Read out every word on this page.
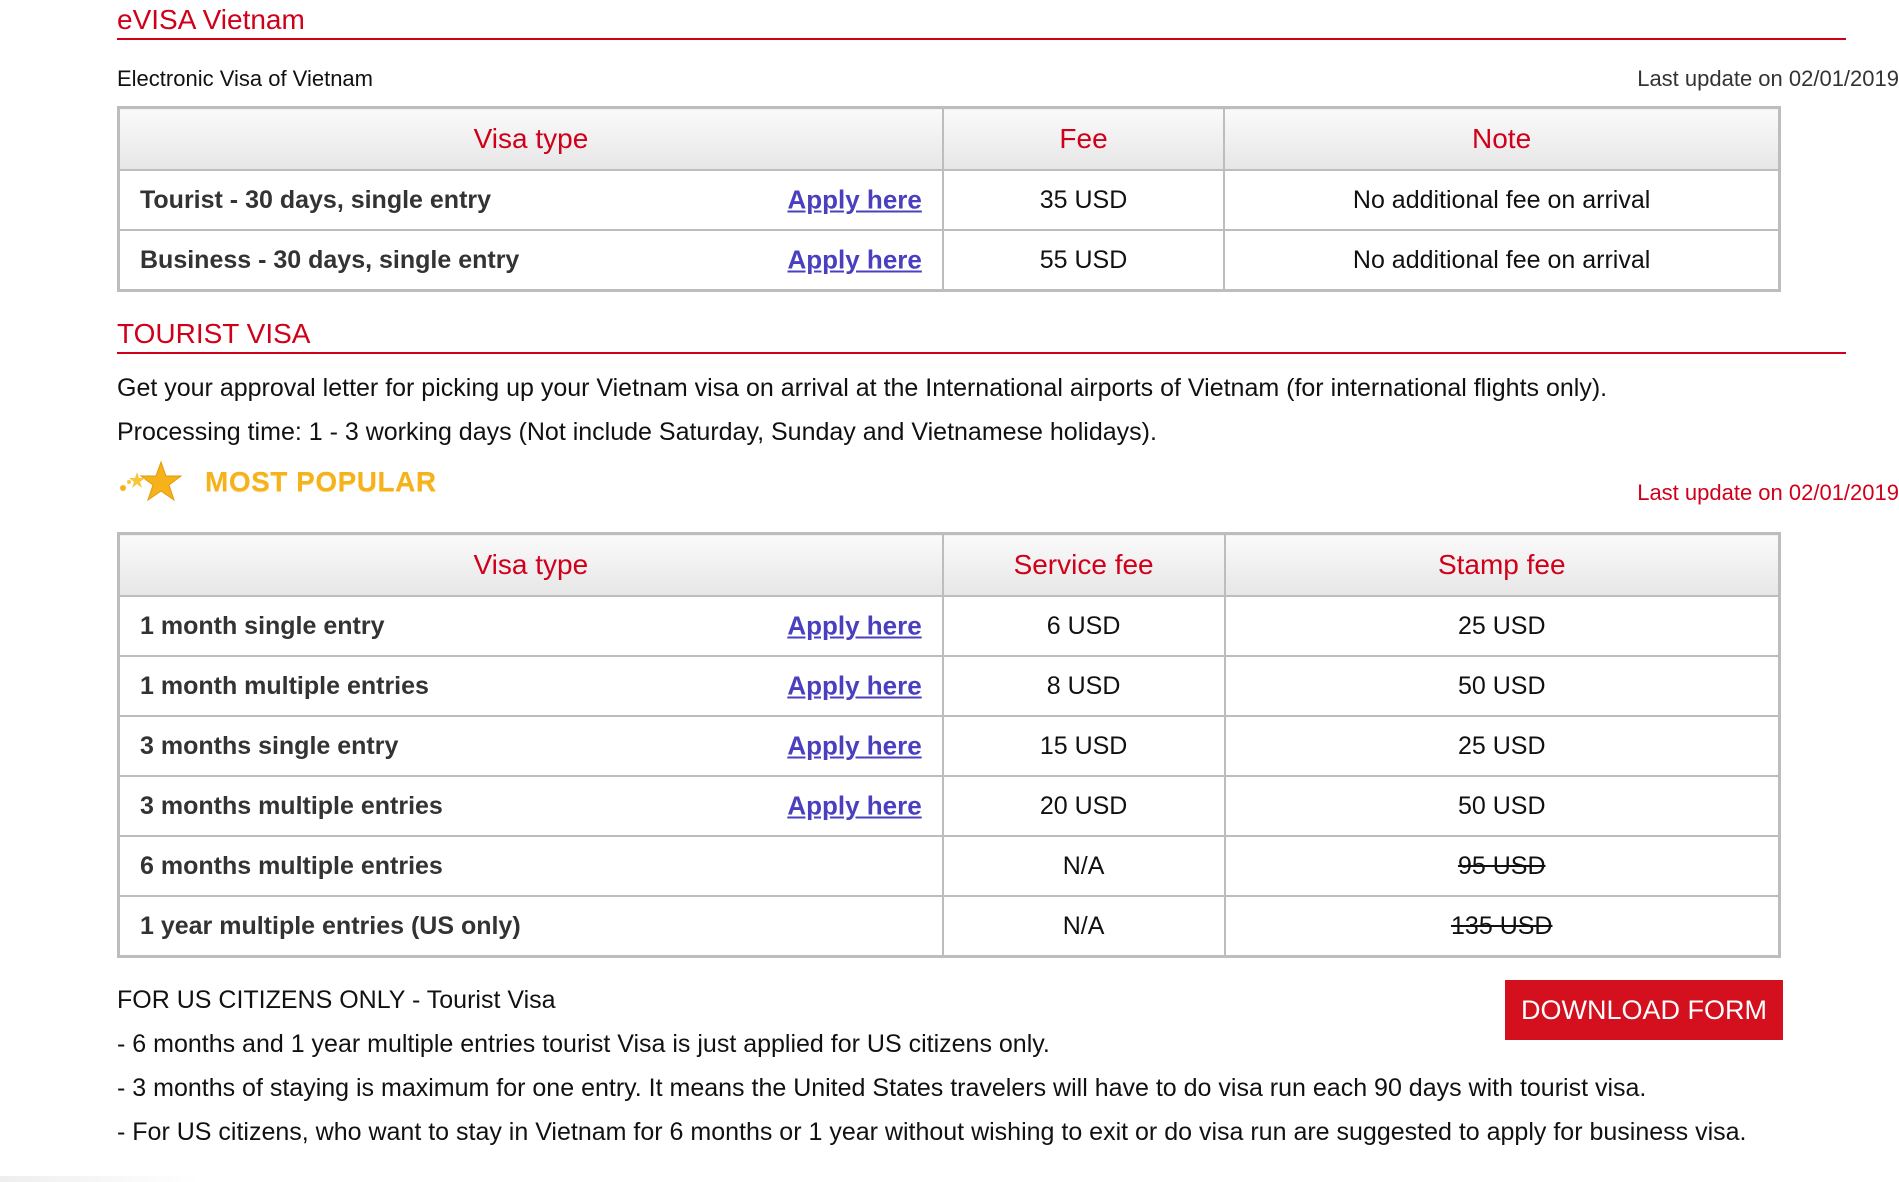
eVISA Vietnam
Electronic Visa of Vietnam	Last update on 02/01/2019
Visa type	Fee	Note
Tourist - 30 days, single entry Apply here	35 USD	No additional fee on arrival
Business - 30 days, single entry Apply here	55 USD	No additional fee on arrival
TOURIST VISA
Get your approval letter for picking up your Vietnam visa on arrival at the International airports of Vietnam (for international flights only).
Processing time: 1 - 3 working days (Not include Saturday, Sunday and Vietnamese holidays).
MOST POPULAR	Last update on 02/01/2019
Visa type	Service fee	Stamp fee
1 month single entry Apply here	6 USD	25 USD
1 month multiple entries Apply here	8 USD	50 USD
3 months single entry Apply here	15 USD	25 USD
3 months multiple entries Apply here	20 USD	50 USD
6 months multiple entries	N/A	95 USD
1 year multiple entries (US only)	N/A	135 USD
DOWNLOAD FORM
FOR US CITIZENS ONLY - Tourist Visa
- 6 months and 1 year multiple entries tourist Visa is just applied for US citizens only.
- 3 months of staying is maximum for one entry. It means the United States travelers will have to do visa run each 90 days with tourist visa.
- For US citizens, who want to stay in Vietnam for 6 months or 1 year without wishing to exit or do visa run are suggested to apply for business visa.
